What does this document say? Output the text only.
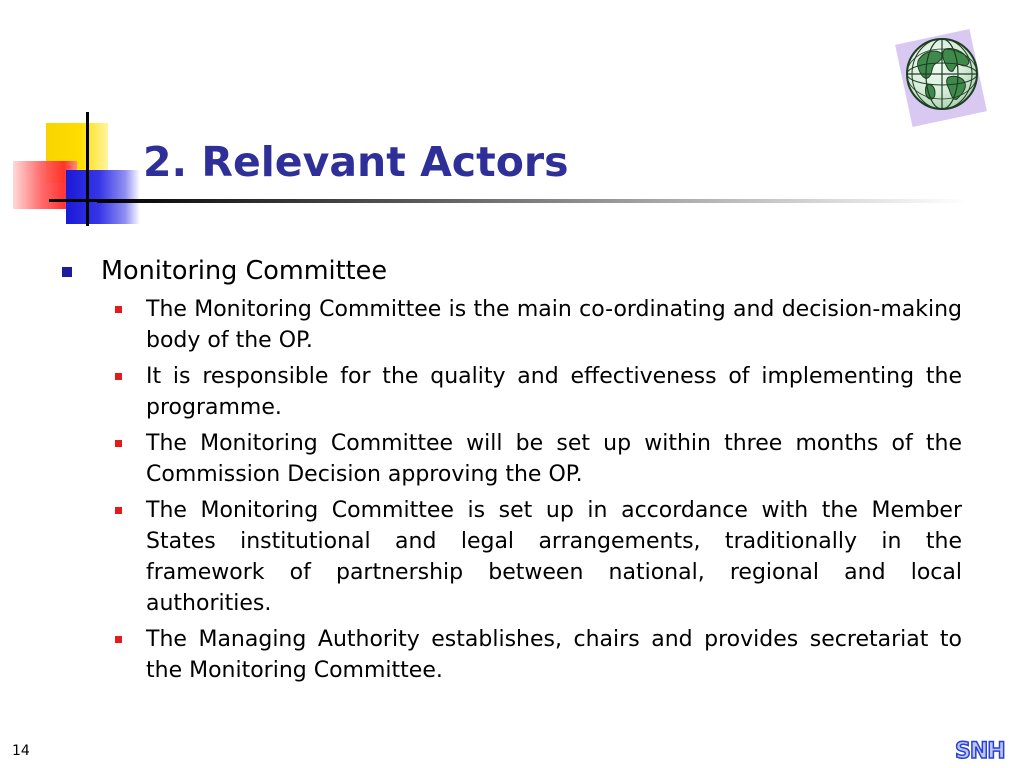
2. Relevant Actors
Monitoring Committee
The Monitoring Committee is the main co-ordinating and decision-making body of the OP.
It is responsible for the quality and effectiveness of implementing the programme.
The Monitoring Committee will be set up within three months of the Commission Decision approving the OP.
The Monitoring Committee is set up in accordance with the Member States institutional and legal arrangements, traditionally in the framework of partnership between national, regional and local authorities.
The Managing Authority establishes, chairs and provides secretariat to the Monitoring Committee.
14	SNH
